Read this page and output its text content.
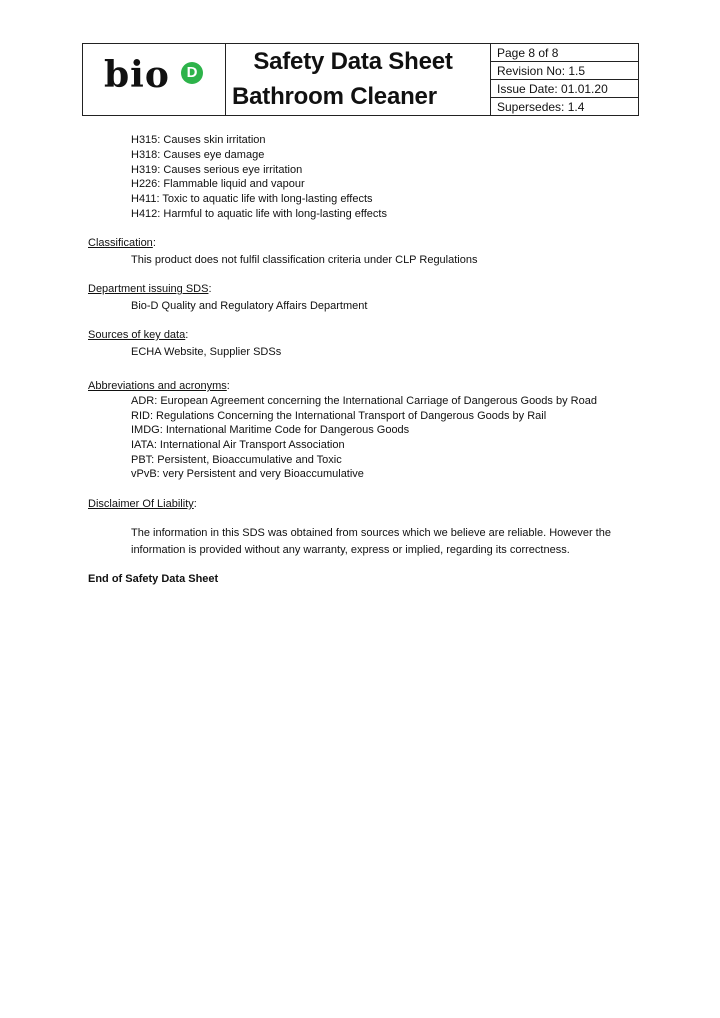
bio	D	Safety Data Sheet
Bathroom Cleaner
Page 8 of 8
Revision No: 1.5
Issue Date: 01.01.20
Supersedes: 1.4
H315: Causes skin irritation
H318: Causes eye damage
H319: Causes serious eye irritation
H226: Flammable liquid and vapour
H411: Toxic to aquatic life with long-lasting effects
H412: Harmful to aquatic life with long-lasting effects
Classification:
This product does not fulfil classification criteria under CLP Regulations
Department issuing SDS:
Bio-D Quality and Regulatory Affairs Department
Sources of key data:
ECHA Website, Supplier SDSs
Abbreviations and acronyms:
ADR: European Agreement concerning the International Carriage of Dangerous Goods by Road
RID: Regulations Concerning the International Transport of Dangerous Goods by Rail
IMDG: International Maritime Code for Dangerous Goods
IATA: International Air Transport Association
PBT: Persistent, Bioaccumulative and Toxic
vPvB: very Persistent and very Bioaccumulative
Disclaimer Of Liability:
The information in this SDS was obtained from sources which we believe are reliable. However the
information is provided without any warranty, express or implied, regarding its correctness.
End of Safety Data Sheet
